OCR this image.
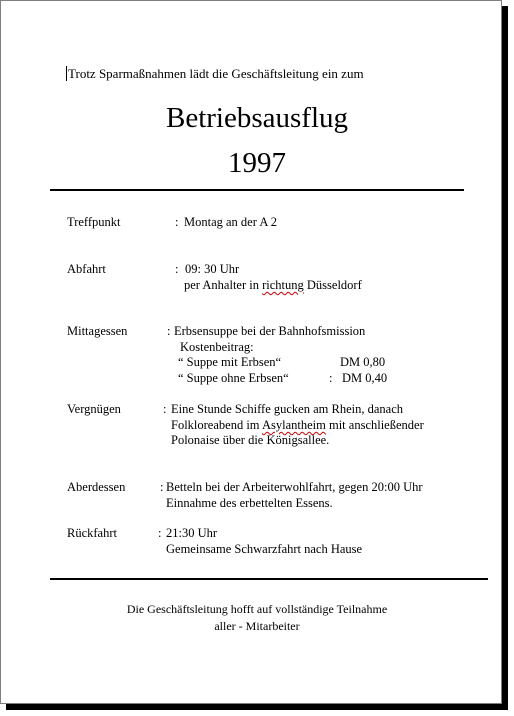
Trotz Sparmaßnahmen lädt die Geschäftsleitung ein zum
Betriebsausflug
1997
Treffpunkt	: Montag an der A 2
Abfahrt	: 09: 30 Uhr
per Anhalter in richtung Düsseldorf
Mittagessen	: Erbsensuppe bei der Bahnhofsmission
Kostenbeitrag:
“ Suppe mit Erbsen“	DM 0,80
“ Suppe ohne Erbsen“	: DM 0,40
Vergnügen	: Eine Stunde Schiffe gucken am Rhein, danach
Folkloreabend im Asylantheim mit anschließender
Polonaise über die Königsallee.
Aberdessen	: Betteln bei der Arbeiterwohlfahrt, gegen 20:00 Uhr
Einnahme des erbettelten Essens.
Rückfahrt	: 21:30 Uhr
Gemeinsame Schwarzfahrt nach Hause
Die Geschäftsleitung hofft auf vollständige Teilnahme
aller - Mitarbeiter
